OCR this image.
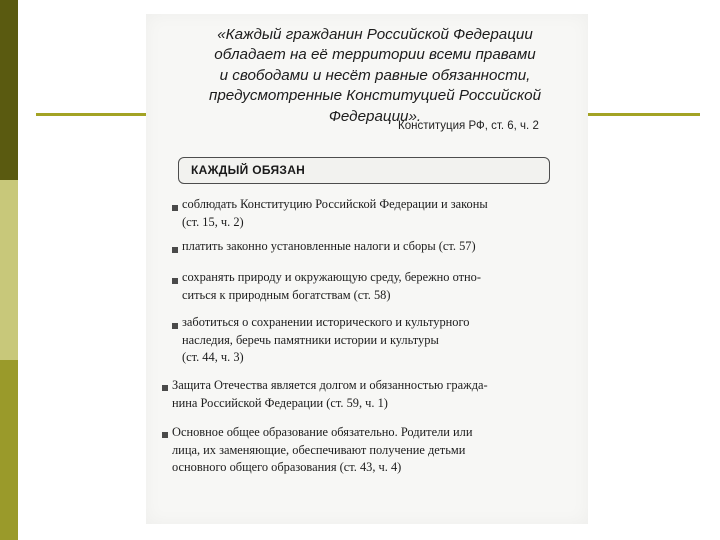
«Каждый гражданин Российской Федерации
обладает на её территории всеми правами
и свободами и несёт равные обязанности,
предусмотренные Конституцией Российской
Федерации».
Конституция РФ, ст. 6, ч. 2
КАЖДЫЙ ОБЯЗАН
соблюдать Конституцию Российской Федерации и законы
(ст. 15, ч. 2)
платить законно установленные налоги и сборы (ст. 57)
сохранять природу и окружающую среду, бережно отно-
ситься к природным богатствам (ст. 58)
заботиться о сохранении исторического и культурного
наследия, беречь памятники истории и культуры
(ст. 44, ч. 3)
Защита Отечества является долгом и обязанностью гражда-
нина Российской Федерации (ст. 59, ч. 1)
Основное общее образование обязательно. Родители или
лица, их заменяющие, обеспечивают получение детьми
основного общего образования (ст. 43, ч. 4)
